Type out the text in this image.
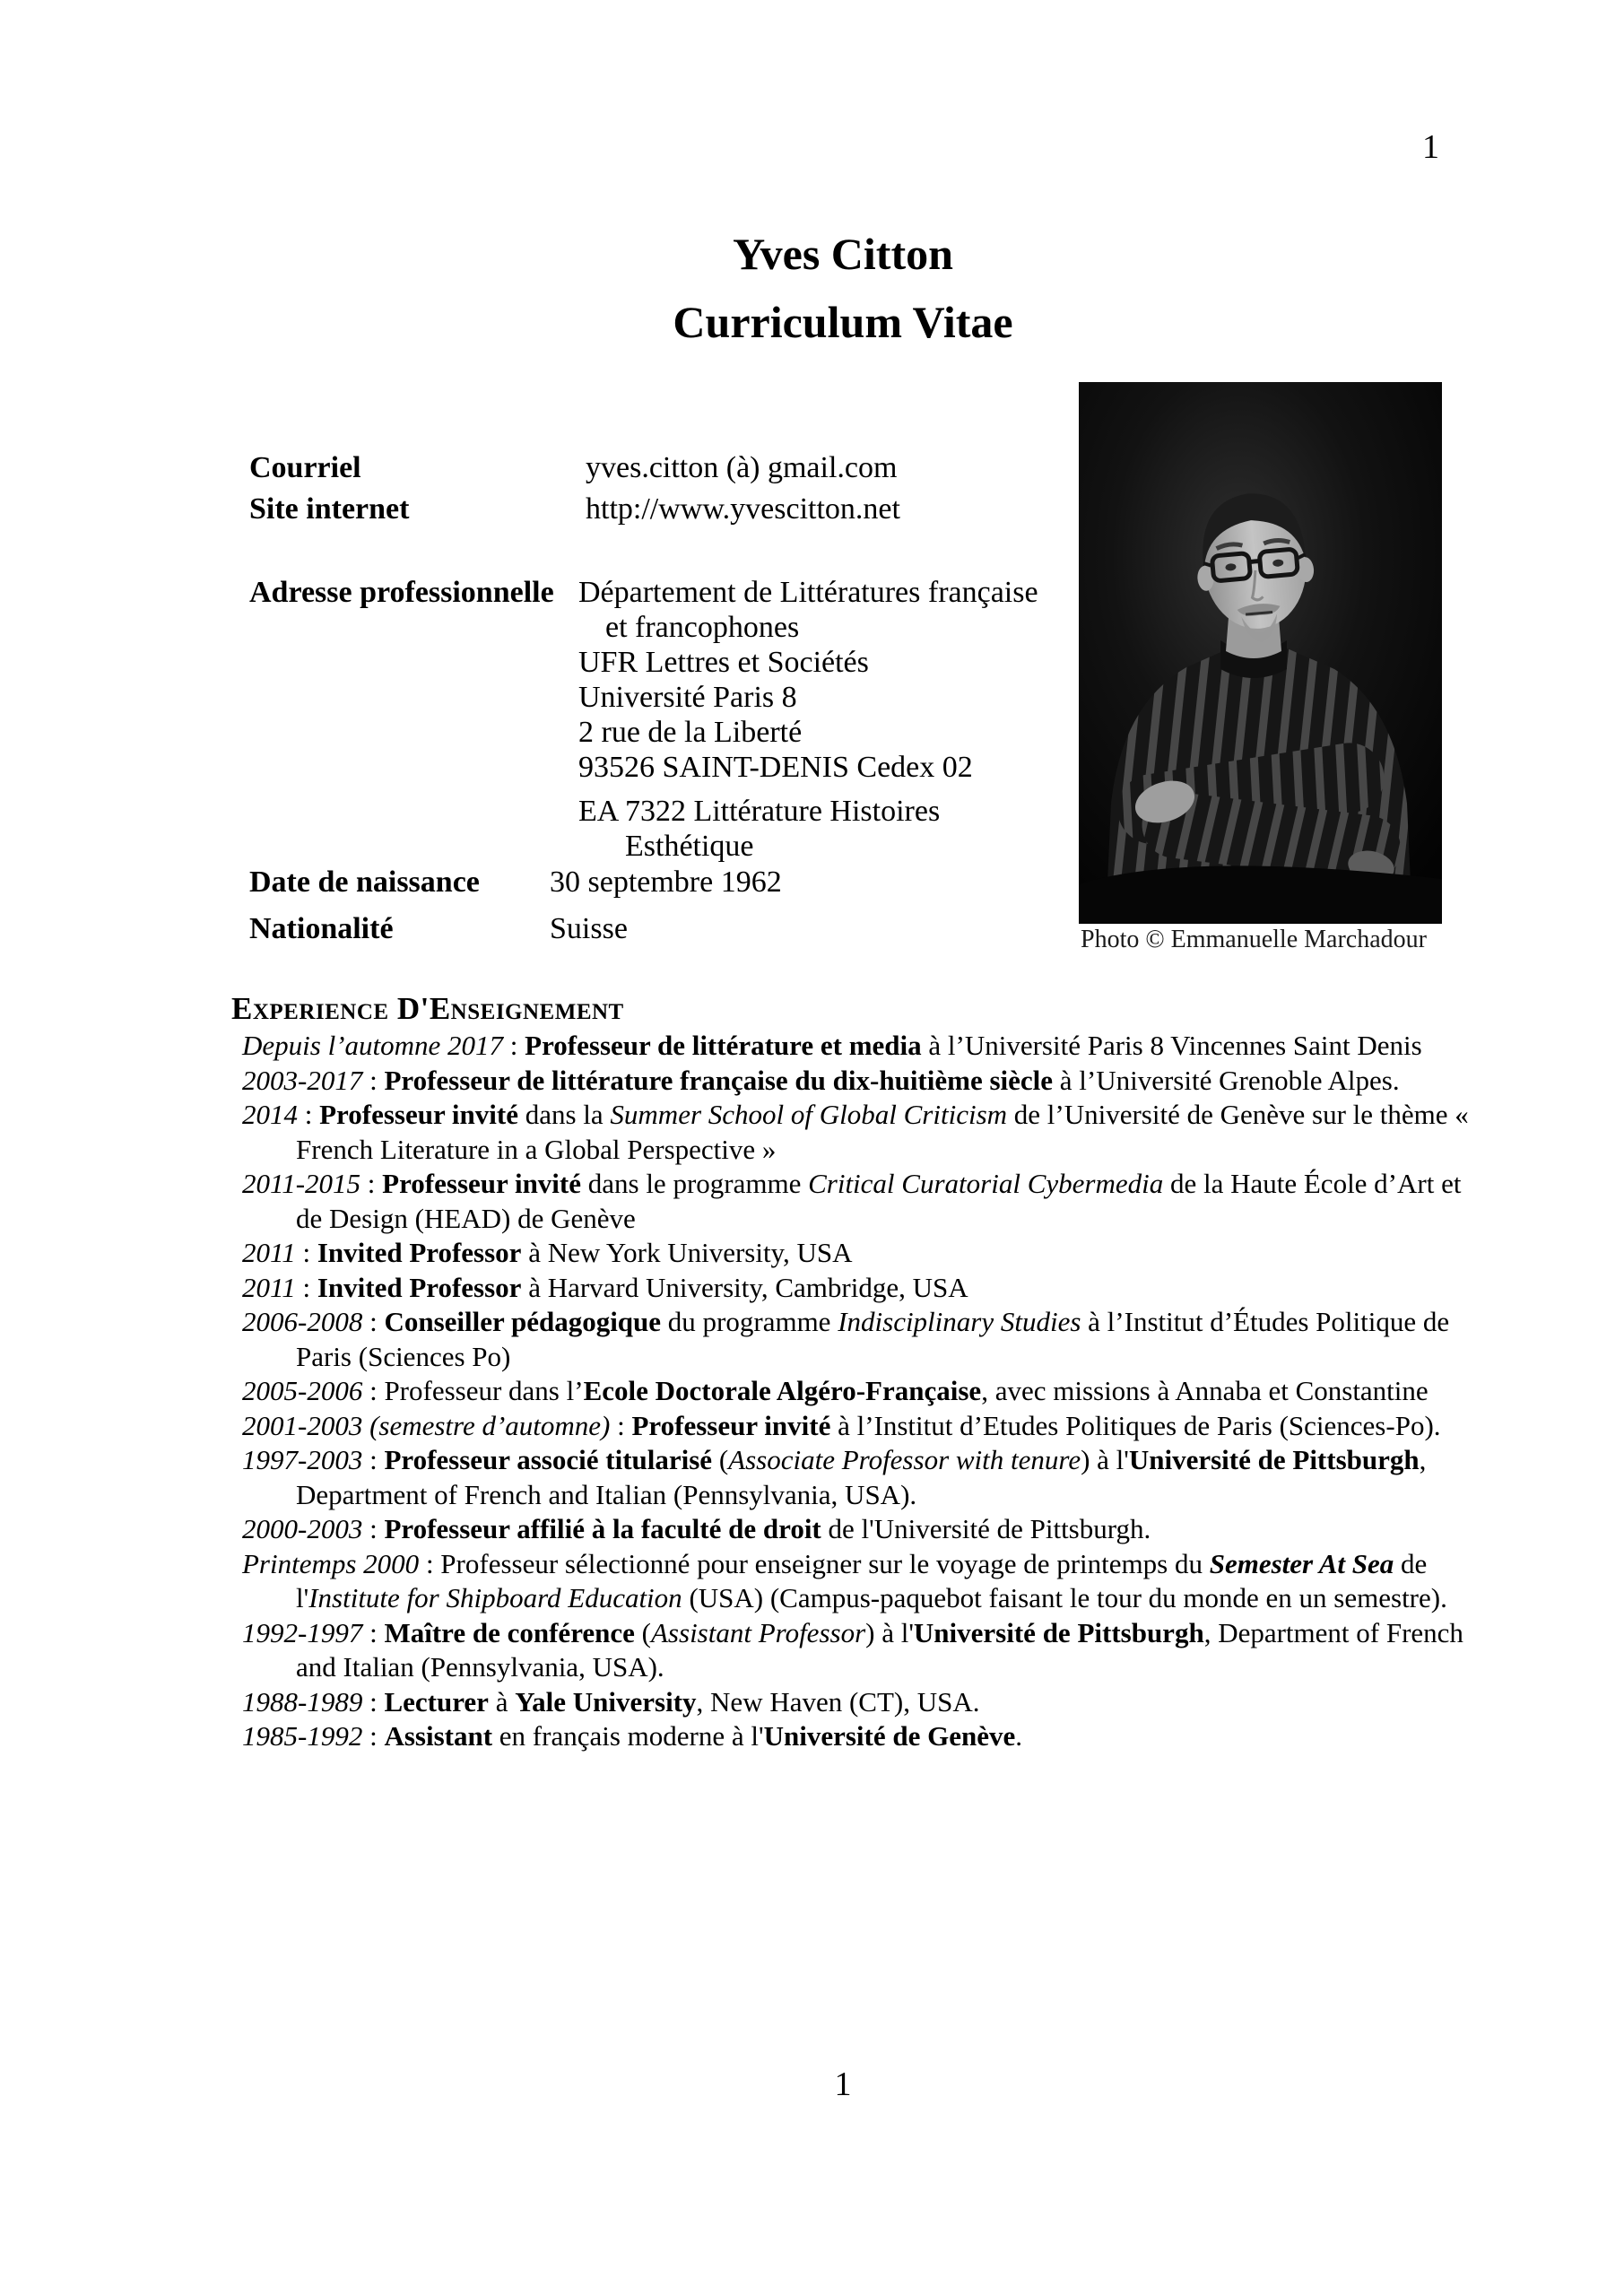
1
Yves Citton
Curriculum Vitae
Photo © Emmanuelle Marchadour
Courriel	yves.citton (à) gmail.com
Site internet	http://www.yvescitton.net
Adresse professionnelle Département de Littératures française
et francophones
UFR Lettres et Sociétés
Université Paris 8
2 rue de la Liberté
93526 SAINT-DENIS Cedex 02
EA 7322 Littérature Histoires
Esthétique
Date de naissance 30 septembre 1962
Nationalité	Suisse
Experience D'Enseignement

Depuis l’automne 2017 : Professeur de littérature et media à l’Université Paris 8 Vincennes Saint Denis

2003-2017 : Professeur de littérature française du dix-huitième siècle à l’Université Grenoble Alpes.

2014 : Professeur invité dans la Summer School of Global Criticism de l’Université de Genève sur le thème « French Literature in a Global Perspective »

2011-2015 : Professeur invité dans le programme Critical Curatorial Cybermedia de la Haute École d’Art et de Design (HEAD) de Genève

2011 : Invited Professor à New York University, USA

2011 : Invited Professor à Harvard University, Cambridge, USA

2006-2008 : Conseiller pédagogique du programme Indisciplinary Studies à l’Institut d’Études Politique de Paris (Sciences Po)

2005-2006 : Professeur dans l’Ecole Doctorale Algéro-Française, avec missions à Annaba et Constantine

2001-2003 (semestre d’automne) : Professeur invité à l’Institut d’Etudes Politiques de Paris (Sciences-Po).

1997-2003 : Professeur associé titularisé (Associate Professor with tenure) à l'Université de Pittsburgh, Department of French and Italian (Pennsylvania, USA).

2000-2003 : Professeur affilié à la faculté de droit de l'Université de Pittsburgh.

Printemps 2000 : Professeur sélectionné pour enseigner sur le voyage de printemps du Semester At Sea de l'Institute for Shipboard Education (USA) (Campus-paquebot faisant le tour du monde en un semestre).

1992-1997 : Maître de conférence (Assistant Professor) à l'Université de Pittsburgh, Department of French and Italian (Pennsylvania, USA).

1988-1989 : Lecturer à Yale University, New Haven (CT), USA.

1985-1992 : Assistant en français moderne à l'Université de Genève.

1
